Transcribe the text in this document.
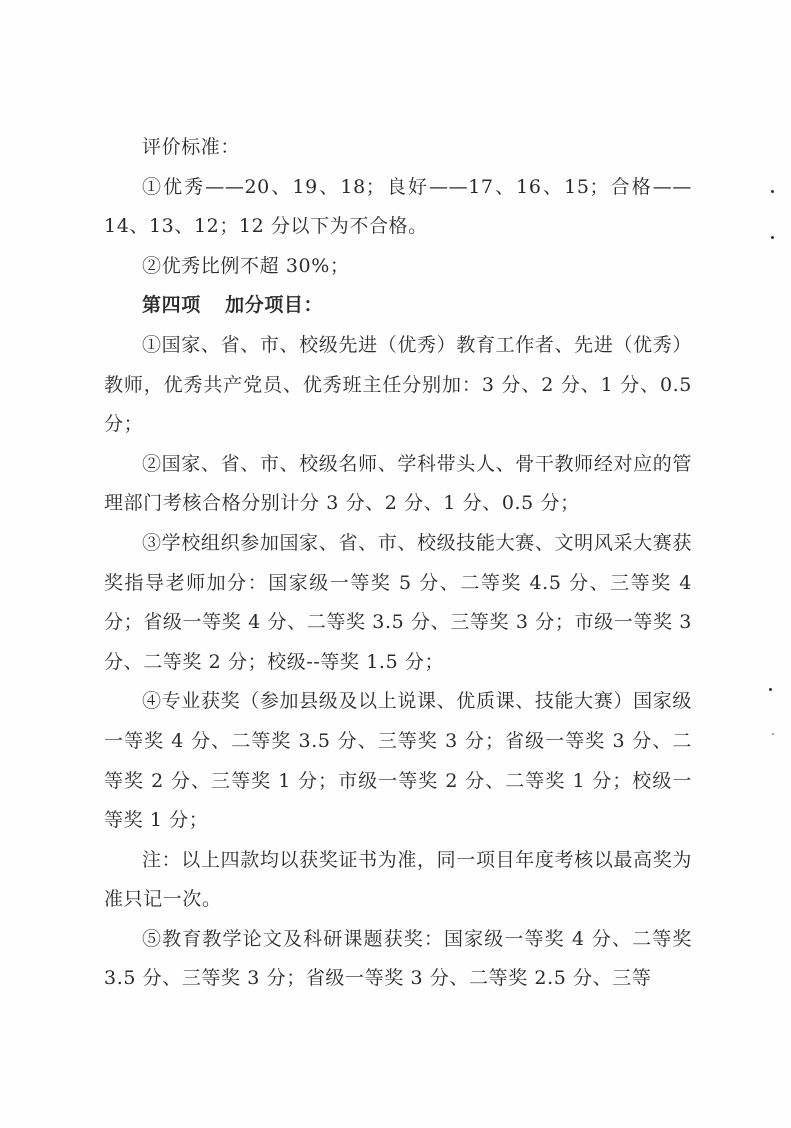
评价标准：

①优秀——20、19、18；良好——17、16、15；合格——14、13、12；12 分以下为不合格。

②优秀比例不超 30%；

第四项 加分项目：

①国家、省、市、校级先进（优秀）教育工作者、先进（优秀）教师，优秀共产党员、优秀班主任分别加：3 分、2 分、1 分、0.5 分；

②国家、省、市、校级名师、学科带头人、骨干教师经对应的管理部门考核合格分别计分 3 分、2 分、1 分、0.5 分；

③学校组织参加国家、省、市、校级技能大赛、文明风采大赛获奖指导老师加分：国家级一等奖 5 分、二等奖 4.5 分、三等奖 4 分；省级一等奖 4 分、二等奖 3.5 分、三等奖 3 分；市级一等奖 3 分、二等奖 2 分；校级--等奖 1.5 分；

④专业获奖（参加县级及以上说课、优质课、技能大赛）国家级一等奖 4 分、二等奖 3.5 分、三等奖 3 分；省级一等奖 3 分、二等奖 2 分、三等奖 1 分；市级一等奖 2 分、二等奖 1 分；校级一等奖 1 分；

注：以上四款均以获奖证书为准，同一项目年度考核以最高奖为准只记一次。

⑤教育教学论文及科研课题获奖：国家级一等奖 4 分、二等奖 3.5 分、三等奖 3 分；省级一等奖 3 分、二等奖 2.5 分、三等
